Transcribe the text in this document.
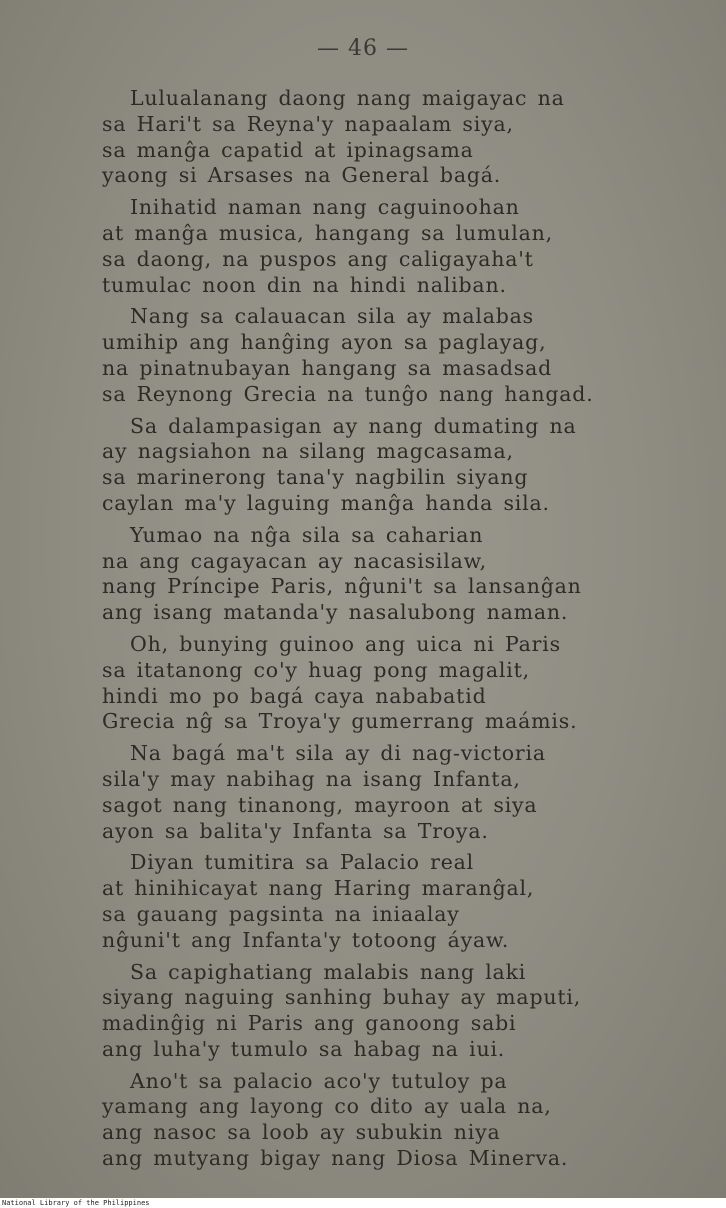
— 46 —
Lulualanang daong nang maigayac na
sa Hari't sa Reyna'y napaalam siya,
sa manĝa capatid at ipinagsama
yaong si Arsases na General bagá.
Inihatid naman nang caguinoohan
at manĝa musica, hangang sa lumulan,
sa daong, na puspos ang caligayaha't
tumulac noon din na hindi naliban.
Nang sa calauacan sila ay malabas
umihip ang hanĝing ayon sa paglayag,
na pinatnubayan hangang sa masadsad
sa Reynong Grecia na tunĝo nang hangad.
Sa dalampasigan ay nang dumating na
ay nagsiahon na silang magcasama,
sa marinerong tana'y nagbilin siyang
caylan ma'y laguing manĝa handa sila.
Yumao na nĝa sila sa caharian
na ang cagayacan ay nacasisilaw,
nang Príncipe Paris, nĝuni't sa lansanĝan
ang isang matanda'y nasalubong naman.
Oh, bunying guinoo ang uica ni Paris
sa itatanong co'y huag pong magalit,
hindi mo po bagá caya nababatid
Grecia nĝ sa Troya'y gumerrang maámis.
Na bagá ma't sila ay di nag-victoria
sila'y may nabihag na isang Infanta,
sagot nang tinanong, mayroon at siya
ayon sa balita'y Infanta sa Troya.
Diyan tumitira sa Palacio real
at hinihicayat nang Haring maranĝal,
sa gauang pagsinta na iniaalay
nĝuni't ang Infanta'y totoong áyaw.
Sa capighatiang malabis nang laki
siyang naguing sanhing buhay ay maputi,
madinĝig ni Paris ang ganoong sabi
ang luha'y tumulo sa habag na iui.
Ano't sa palacio aco'y tutuloy pa
yamang ang layong co dito ay uala na,
ang nasoc sa loob ay subukin niya
ang mutyang bigay nang Diosa Minerva.
National Library of the Philippines
